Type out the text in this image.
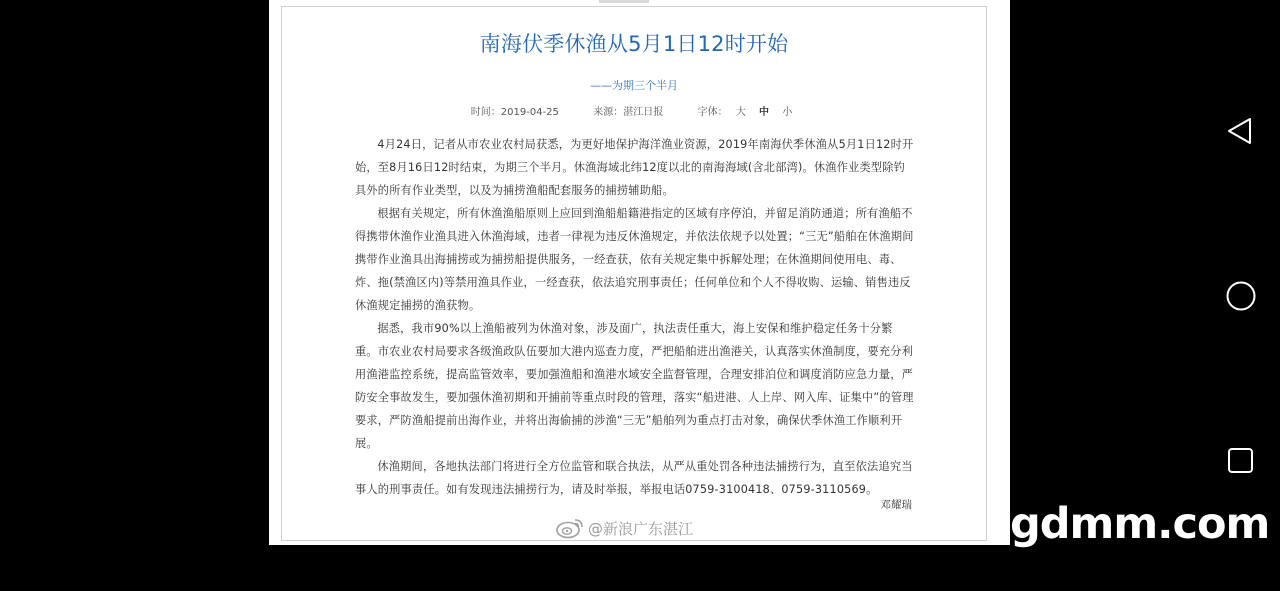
南海伏季休渔从5月1日12时开始
——为期三个半月
时间：2019-04-25	来源：湛江日报	字体： 大 中 小

4月24日，记者从市农业农村局获悉，为更好地保护海洋渔业资源，2019年南海伏季休渔从5月1日12时开始，至8月16日12时结束，为期三个半月。休渔海域北纬12度以北的南海海域(含北部湾)。休渔作业类型除钓具外的所有作业类型，以及为捕捞渔船配套服务的捕捞辅助船。

根据有关规定，所有休渔渔船原则上应回到渔船船籍港指定的区域有序停泊，并留足消防通道；所有渔船不得携带休渔作业渔具进入休渔海域，违者一律视为违反休渔规定，并依法依规予以处置；“三无”船舶在休渔期间携带作业渔具出海捕捞或为捕捞船提供服务，一经查获，依有关规定集中拆解处理；在休渔期间使用电、毒、炸、拖(禁渔区内)等禁用渔具作业，一经查获，依法追究刑事责任；任何单位和个人不得收购、运输、销售违反休渔规定捕捞的渔获物。

据悉，我市90%以上渔船被列为休渔对象，涉及面广，执法责任重大，海上安保和维护稳定任务十分繁重。市农业农村局要求各级渔政队伍要加大港内巡查力度，严把船舶进出渔港关，认真落实休渔制度，要充分利用渔港监控系统，提高监管效率，要加强渔船和渔港水域安全监督管理，合理安排泊位和调度消防应急力量，严防安全事故发生，要加强休渔初期和开捕前等重点时段的管理，落实“船进港、人上岸、网入库、证集中”的管理要求，严防渔船提前出海作业，并将出海偷捕的涉渔“三无”船舶列为重点打击对象，确保伏季休渔工作顺利开展。

休渔期间，各地执法部门将进行全方位监管和联合执法，从严从重处罚各种违法捕捞行为，直至依法追究当事人的刑事责任。如有发现违法捕捞行为，请及时举报，举报电话0759-3100418、0759-3110569。

邓耀瑞
@新浪广东湛江	gdmm.com
